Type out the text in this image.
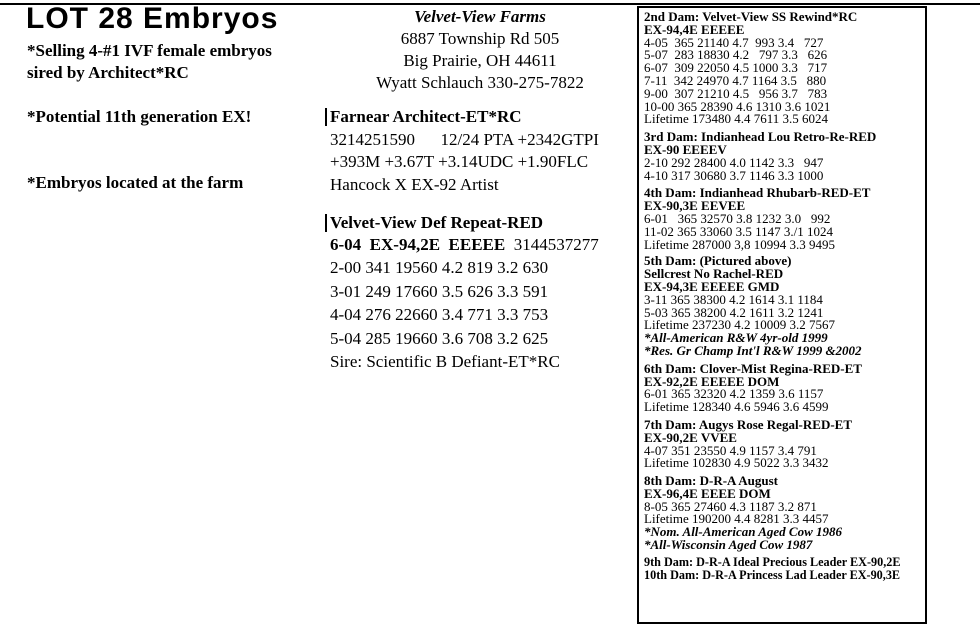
LOT 28 Embryos
*Selling 4-#1 IVF female embryos
sired by Architect*RC
*Potential 11th generation EX!
*Embryos located at the farm
Velvet-View Farms
6887 Township Rd 505
Big Prairie, OH 44611
Wyatt Schlauch 330-275-7822
Farnear Architect-ET*RC
3214251590      12/24 PTA +2342GTPI
+393M +3.67T +3.14UDC +1.90FLC
Hancock X EX-92 Artist
Velvet-View Def Repeat-RED
6-04  EX-94,2E  EEEEE  3144537277
2-00 341 19560 4.2 819 3.2 630
3-01 249 17660 3.5 626 3.3 591
4-04 276 22660 3.4 771 3.3 753
5-04 285 19660 3.6 708 3.2 625
Sire: Scientific B Defiant-ET*RC
2nd Dam: Velvet-View SS Rewind*RC
EX-94,4E EEEEE
4-05  365 21140 4.7  993 3.4   727
5-07  283 18830 4.2   797 3.3   626
6-07  309 22050 4.5 1000 3.3   717
7-11  342 24970 4.7 1164 3.5   880
9-00  307 21210 4.5   956 3.7   783
10-00 365 28390 4.6 1310 3.6 1021
Lifetime 173480 4.4 7611 3.5 6024
3rd Dam: Indianhead Lou Retro-Re-RED
EX-90 EEEEV
2-10 292 28400 4.0 1142 3.3   947
4-10 317 30680 3.7 1146 3.3 1000
4th Dam: Indianhead Rhubarb-RED-ET
EX-90,3E EEVEE
6-01   365 32570 3.8 1232 3.0   992
11-02 365 33060 3.5 1147 3./1 1024
Lifetime 287000 3,8 10994 3.3 9495
5th Dam: (Pictured above)
Sellcrest No Rachel-RED
EX-94,3E EEEEE GMD
3-11 365 38300 4.2 1614 3.1 1184
5-03 365 38200 4.2 1611 3.2 1241
Lifetime 237230 4.2 10009 3.2 7567
*All-American R&W 4yr-old 1999
*Res. Gr Champ Int'l R&W 1999 &2002
6th Dam: Clover-Mist Regina-RED-ET
EX-92,2E EEEEE DOM
6-01 365 32320 4.2 1359 3.6 1157
Lifetime 128340 4.6 5946 3.6 4599
7th Dam: Augys Rose Regal-RED-ET
EX-90,2E VVEE
4-07 351 23550 4.9 1157 3.4 791
Lifetime 102830 4.9 5022 3.3 3432
8th Dam: D-R-A August
EX-96,4E EEEE DOM
8-05 365 27460 4.3 1187 3.2 871
Lifetime 190200 4.4 8281 3.3 4457
*Nom. All-American Aged Cow 1986
*All-Wisconsin Aged Cow 1987
9th Dam: D-R-A Ideal Precious Leader EX-90,2E
10th Dam: D-R-A Princess Lad Leader EX-90,3E
